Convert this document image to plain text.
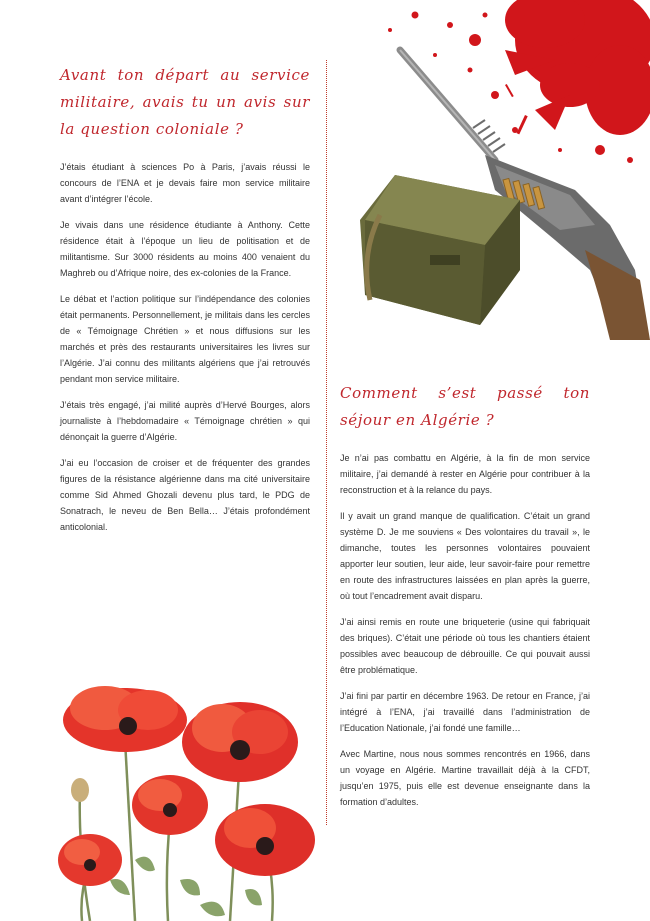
Avant ton départ au service militaire, avais tu un avis sur la question coloniale ?

J’étais étudiant à sciences Po à Paris, j’avais réussi le concours de l’ENA et je devais faire mon service militaire avant d’intégrer l’école.

Je vivais dans une résidence étudiante à Anthony. Cette résidence était à l’époque un lieu de politisation et de militantisme. Sur 3000 résidents au moins 400 venaient du Maghreb ou d’Afrique noire, des ex-colonies de la France.

Le débat et l’action politique sur l’indépendance des colonies était permanents. Personnellement, je militais dans les cercles de « Témoignage Chrétien » et nous diffusions sur les marchés et près des restaurants universitaires les livres sur l’Algérie. J’ai connu des militants algériens que j’ai retrouvés pendant mon service militaire.

J’étais très engagé, j’ai milité auprès d’Hervé Bourges, alors journaliste à l’hebdomadaire « Témoignage chrétien » qui dénonçait la guerre d’Algérie.

J’ai eu l’occasion de croiser et de fréquenter des grandes figures de la résistance algérienne dans ma cité universitaire comme Sid Ahmed Ghozali devenu plus tard, le PDG de Sonatrach, le neveu de Ben Bella… J’étais profondément anticolonial.

Comment s’est passé ton séjour en Algérie ?

Je n’ai pas combattu en Algérie, à la fin de mon service militaire, j’ai demandé à rester en Algérie pour contribuer à la reconstruction et à la relance du pays.

Il y avait un grand manque de qualification. C’était un grand système D. Je me souviens « Des volontaires du travail », le dimanche, toutes les personnes volontaires pouvaient apporter leur soutien, leur aide, leur savoir-faire pour remettre en route des infrastructures laissées en plan après la guerre, où tout l’encadrement avait disparu.

J’ai ainsi remis en route une briqueterie (usine qui fabriquait des briques). C’était une période où tous les chantiers étaient possibles avec beaucoup de débrouille. Ce qui pouvait aussi être problématique.

J’ai fini par partir en décembre 1963. De retour en France, j’ai intégré à l’ENA, j’ai travaillé dans l’administration de l’Education Nationale, j’ai fondé une famille…

Avec Martine, nous nous sommes rencontrés en 1966, dans un voyage en Algérie. Martine travaillait déjà à la CFDT, jusqu’en 1975, puis elle est devenue enseignante dans la formation d’adultes.
